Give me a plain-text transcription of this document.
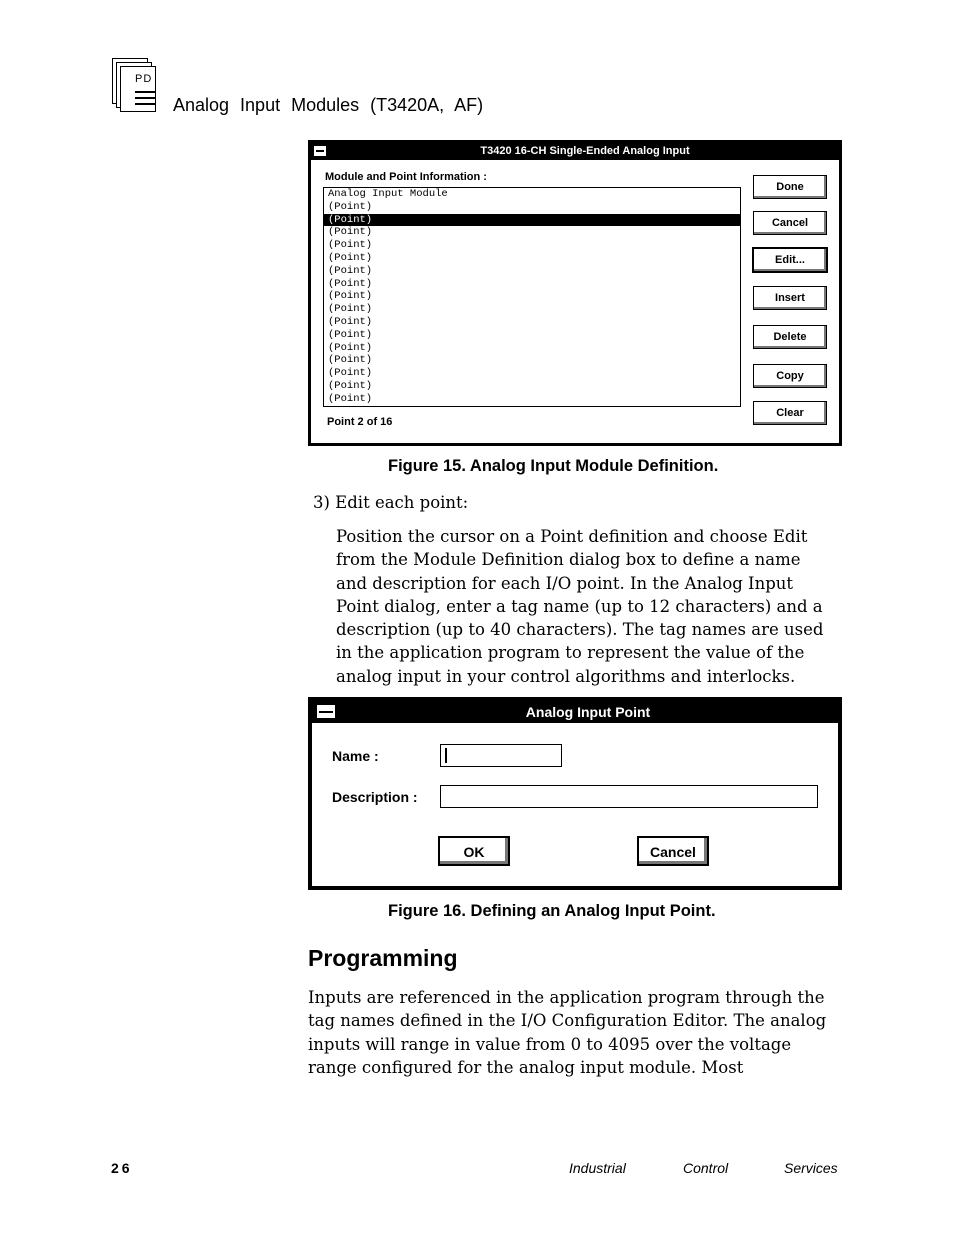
PD
Analog Input Modules (T3420A, AF)
T3420 16-CH Single-Ended Analog Input
Module and Point Information :
Analog Input Module
(Point)
(Point)
(Point)
(Point)
(Point)
(Point)
(Point)
(Point)
(Point)
(Point)
(Point)
(Point)
(Point)
(Point)
(Point)
(Point)
Point 2 of 16
Done
Cancel
Edit...
Insert
Delete
Copy
Clear
Figure 15. Analog Input Module Definition.
3) Edit each point:
Position the cursor on a Point definition and choose Edit from the Module Definition dialog box to define a name and description for each I/O point. In the Analog Input Point dialog, enter a tag name (up to 12 characters) and a description (up to 40 characters). The tag names are used in the application program to represent the value of the analog input in your control algorithms and interlocks.
Analog Input Point
Name :
Description :
OK	Cancel
Figure 16. Defining an Analog Input Point.
Programming
Inputs are referenced in the application program through the tag names defined in the I/O Configuration Editor. The analog inputs will range in value from 0 to 4095 over the voltage range configured for the analog input module. Most
26	Industrial	Control	Services
